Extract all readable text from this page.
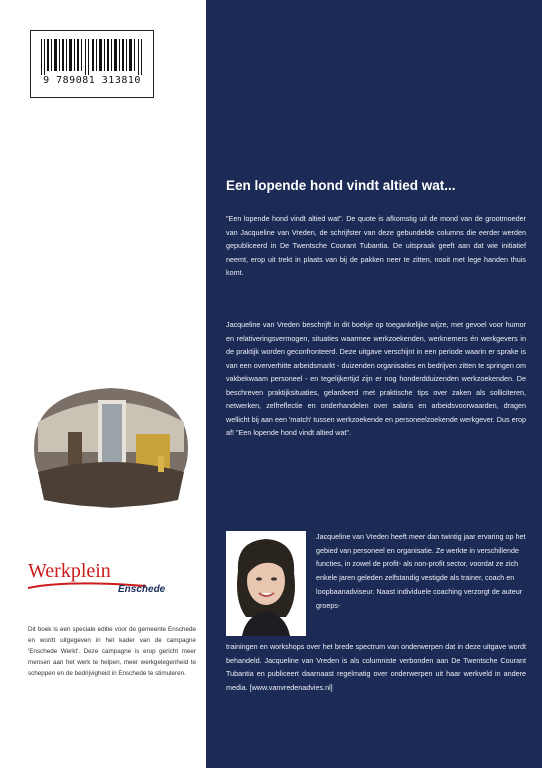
9 789081 313810
Werkplein
Enschede

Dit boek is een speciale editie voor de gemeente Enschede en wordt uitgegeven in het kader van de campagne 'Enschede Werkt'. Deze campagne is erop gericht meer mensen aan het werk te helpen, meer werkgelegenheid te scheppen en de bedrijvigheid in Enschede te stimuleren.

Een lopende hond vindt altied wat...

"Een lopende hond vindt altied wat". De quote is afkomstig uit de mond van de grootmoeder van Jacqueline van Vreden, de schrijfster van deze gebundelde columns die eerder werden gepubliceerd in De Twentsche Courant Tubantia. De uitspraak geeft aan dat wie initiatief neemt, erop uit trekt in plaats van bij de pakken neer te zitten, nooit met lege handen thuis komt.

Jacqueline van Vreden beschrijft in dit boekje op toegankelijke wijze, met gevoel voor humor en relativeringsvermogen, situaties waarmee werkzoekenden, werknemers én werkgevers in de praktijk worden geconfronteerd. Deze uitgave verschijnt in een periode waarin er sprake is van een oververhitte arbeidsmarkt - duizenden organisaties en bedrijven zitten te springen om vakbekwaam personeel - en tegelijkertijd zijn er nog honderdduizenden werkzoekenden. De beschreven praktijksituaties, gelardeerd met praktische tips over zaken als solliciteren, netwerken, zelfreflectie en onderhandelen over salaris en arbeidsvoorwaarden, dragen wellicht bij aan een 'match' tussen werkzoekende en personeelzoekende werkgever. Dus erop af! "Een lopende hond vindt altied wat".

Jacqueline van Vreden heeft meer dan twintig jaar ervaring op het gebied van personeel en organisatie. Ze werkte in verschillende functies, in zowel de profit- als non-profit sector, voordat ze zich enkele jaren geleden zelfstandig vestigde als trainer, coach en loopbaanadviseur. Naast individuele coaching verzorgt de auteur groeps-

trainingen en workshops over het brede spectrum van onderwerpen dat in deze uitgave wordt behandeld. Jacqueline van Vreden is als columniste verbonden aan De Twentsche Courant Tubantia en publiceert daarnaast regelmatig over onderwerpen uit haar werkveld in andere media. [www.vanvredenadvies.nl]
